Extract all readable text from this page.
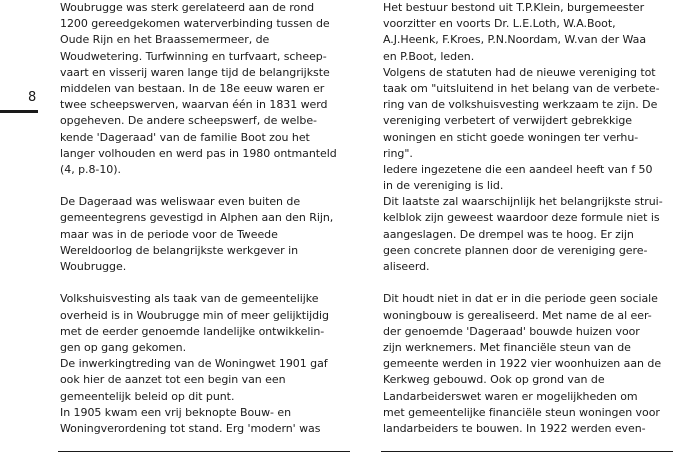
8
Woubrugge was sterk gerelateerd aan de rond
1200 gereedgekomen waterverbinding tussen de
Oude Rijn en het Braassemermeer, de
Woudwetering. Turfwinning en turfvaart, scheep-
vaart en visserij waren lange tijd de belangrijkste
middelen van bestaan. In de 18e eeuw waren er
twee scheepswerven, waarvan één in 1831 werd
opgeheven. De andere scheepswerf, de welbe-
kende 'Dageraad' van de familie Boot zou het
langer volhouden en werd pas in 1980 ontmanteld
(4, p.8-10).
De Dageraad was weliswaar even buiten de
gemeentegrens gevestigd in Alphen aan den Rijn,
maar was in de periode voor de Tweede
Wereldoorlog de belangrijkste werkgever in
Woubrugge.
Volkshuisvesting als taak van de gemeentelijke
overheid is in Woubrugge min of meer gelijktijdig
met de eerder genoemde landelijke ontwikkelin-
gen op gang gekomen.
De inwerkingtreding van de Woningwet 1901 gaf
ook hier de aanzet tot een begin van een
gemeentelijk beleid op dit punt.
In 1905 kwam een vrij beknopte Bouw- en
Woningverordening tot stand. Erg 'modern' was
Het bestuur bestond uit T.P.Klein, burgemeester
voorzitter en voorts Dr. L.E.Loth, W.A.Boot,
A.J.Heenk, F.Kroes, P.N.Noordam, W.van der Waa
en P.Boot, leden.
Volgens de statuten had de nieuwe vereniging tot
taak om "uitsluitend in het belang van de verbete-
ring van de volkshuisvesting werkzaam te zijn. De
vereniging verbetert of verwijdert gebrekkige
woningen en sticht goede woningen ter verhu-
ring".
Iedere ingezetene die een aandeel heeft van f 50
in de vereniging is lid.
Dit laatste zal waarschijnlijk het belangrijkste strui-
kelblok zijn geweest waardoor deze formule niet is
aangeslagen. De drempel was te hoog. Er zijn
geen concrete plannen door de vereniging gere-
aliseerd.
Dit houdt niet in dat er in die periode geen sociale
woningbouw is gerealiseerd. Met name de al eer-
der genoemde 'Dageraad' bouwde huizen voor
zijn werknemers. Met financiële steun van de
gemeente werden in 1922 vier woonhuizen aan de
Kerkweg gebouwd. Ook op grond van de
Landarbeiderswet waren er mogelijkheden om
met gemeentelijke financiële steun woningen voor
landarbeiders te bouwen. In 1922 werden even-
